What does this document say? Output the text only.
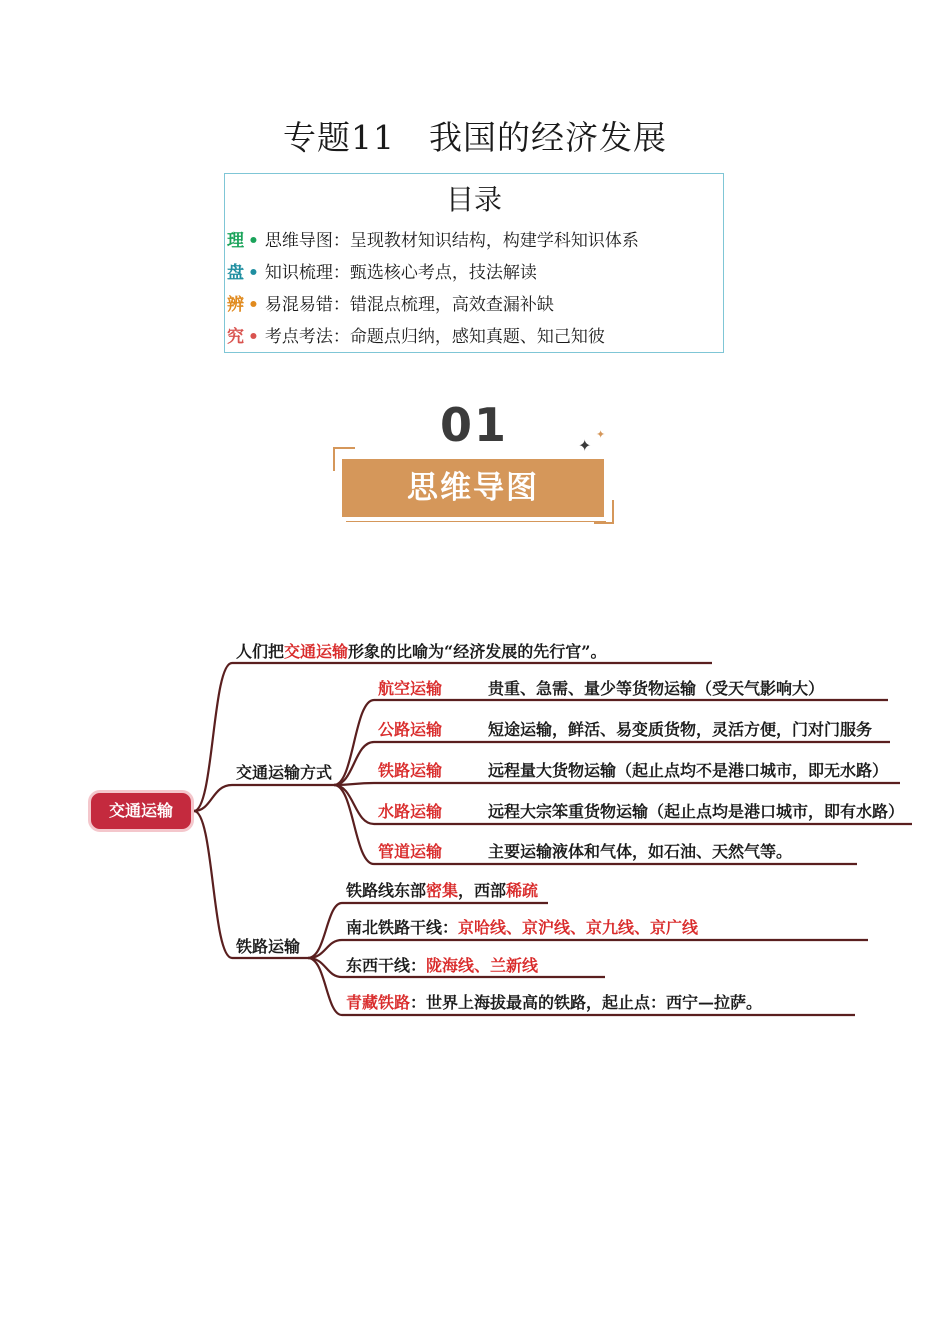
专题11　我国的经济发展
目录
理 • 思维导图：呈现教材知识结构，构建学科知识体系
盘 • 知识梳理：甄选核心考点，技法解读
辨 • 易混易错：错混点梳理，高效查漏补缺
究 • 考点考法：命题点归纳，感知真题、知己知彼
01
思维导图
✦
✦
交通运输
人们把交通运输形象的比喻为“经济发展的先行官”。
交通运输方式
航空运输	贵重、急需、量少等货物运输（受天气影响大）
公路运输	短途运输，鲜活、易变质货物，灵活方便，门对门服务
铁路运输	远程量大货物运输（起止点均不是港口城市，即无水路）
水路运输	远程大宗笨重货物运输（起止点均是港口城市，即有水路）
管道运输	主要运输液体和气体，如石油、天然气等。
铁路运输
铁路线东部密集，西部稀疏
南北铁路干线：京哈线、京沪线、京九线、京广线
东西干线：陇海线、兰新线
青藏铁路：世界上海拔最高的铁路，起止点：西宁—拉萨。
